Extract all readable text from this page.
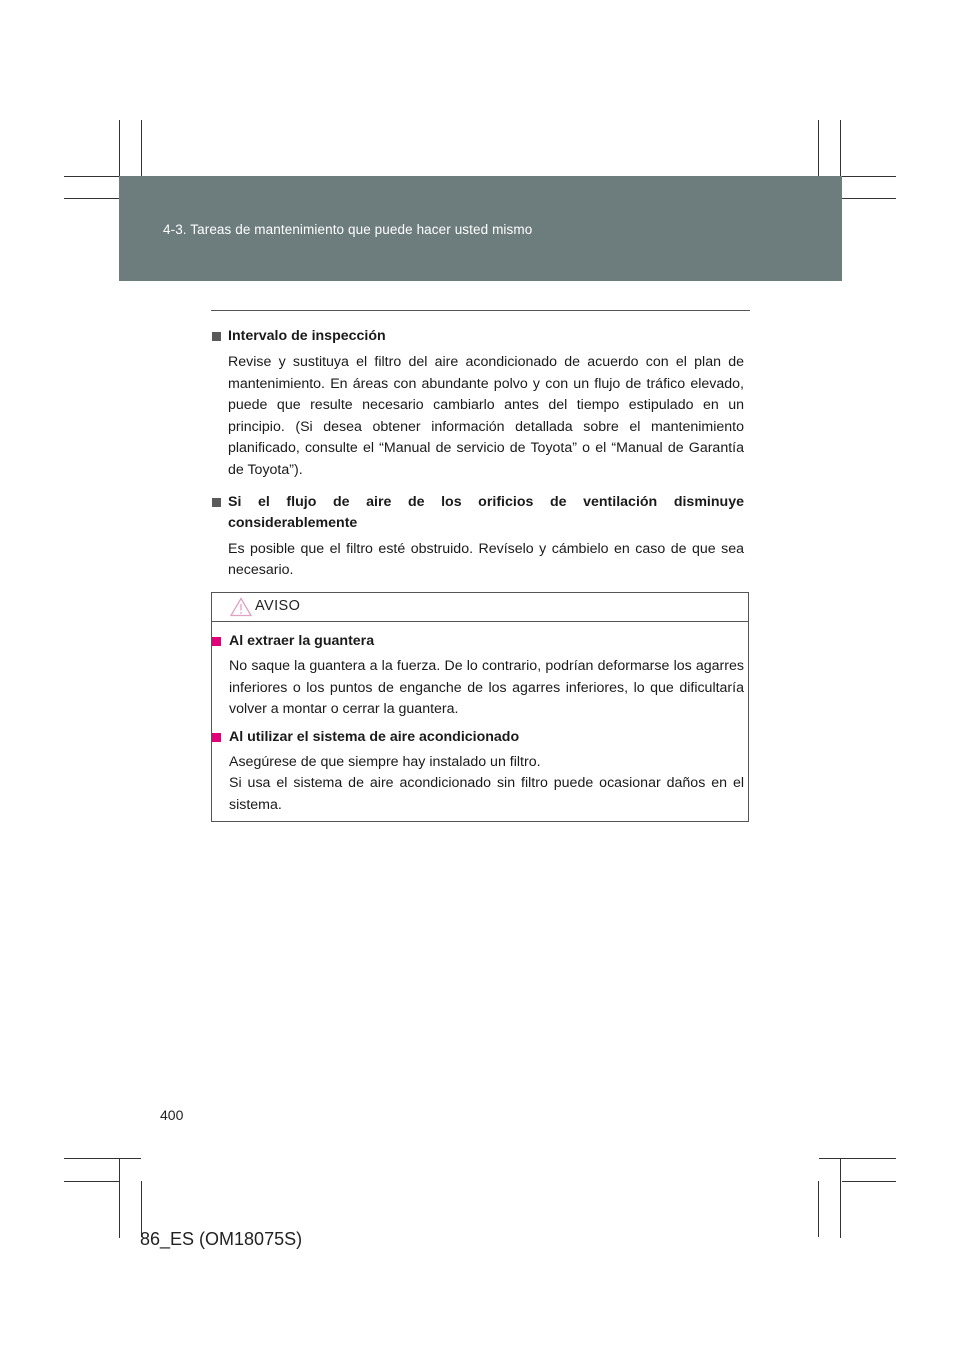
4-3. Tareas de mantenimiento que puede hacer usted mismo
Intervalo de inspección
Revise y sustituya el filtro del aire acondicionado de acuerdo con el plan de mantenimiento. En áreas con abundante polvo y con un flujo de tráfico elevado, puede que resulte necesario cambiarlo antes del tiempo estipulado en un principio. (Si desea obtener información detallada sobre el mantenimiento planificado, consulte el “Manual de servicio de Toyota” o el “Manual de Garantía de Toyota”).
Si el flujo de aire de los orificios de ventilación disminuye considerablemente
Es posible que el filtro esté obstruido. Revíselo y cámbielo en caso de que sea necesario.
AVISO
Al extraer la guantera
No saque la guantera a la fuerza. De lo contrario, podrían deformarse los agarres inferiores o los puntos de enganche de los agarres inferiores, lo que dificultaría volver a montar o cerrar la guantera.
Al utilizar el sistema de aire acondicionado
Asegúrese de que siempre hay instalado un filtro.
Si usa el sistema de aire acondicionado sin filtro puede ocasionar daños en el sistema.
400
86_ES (OM18075S)
